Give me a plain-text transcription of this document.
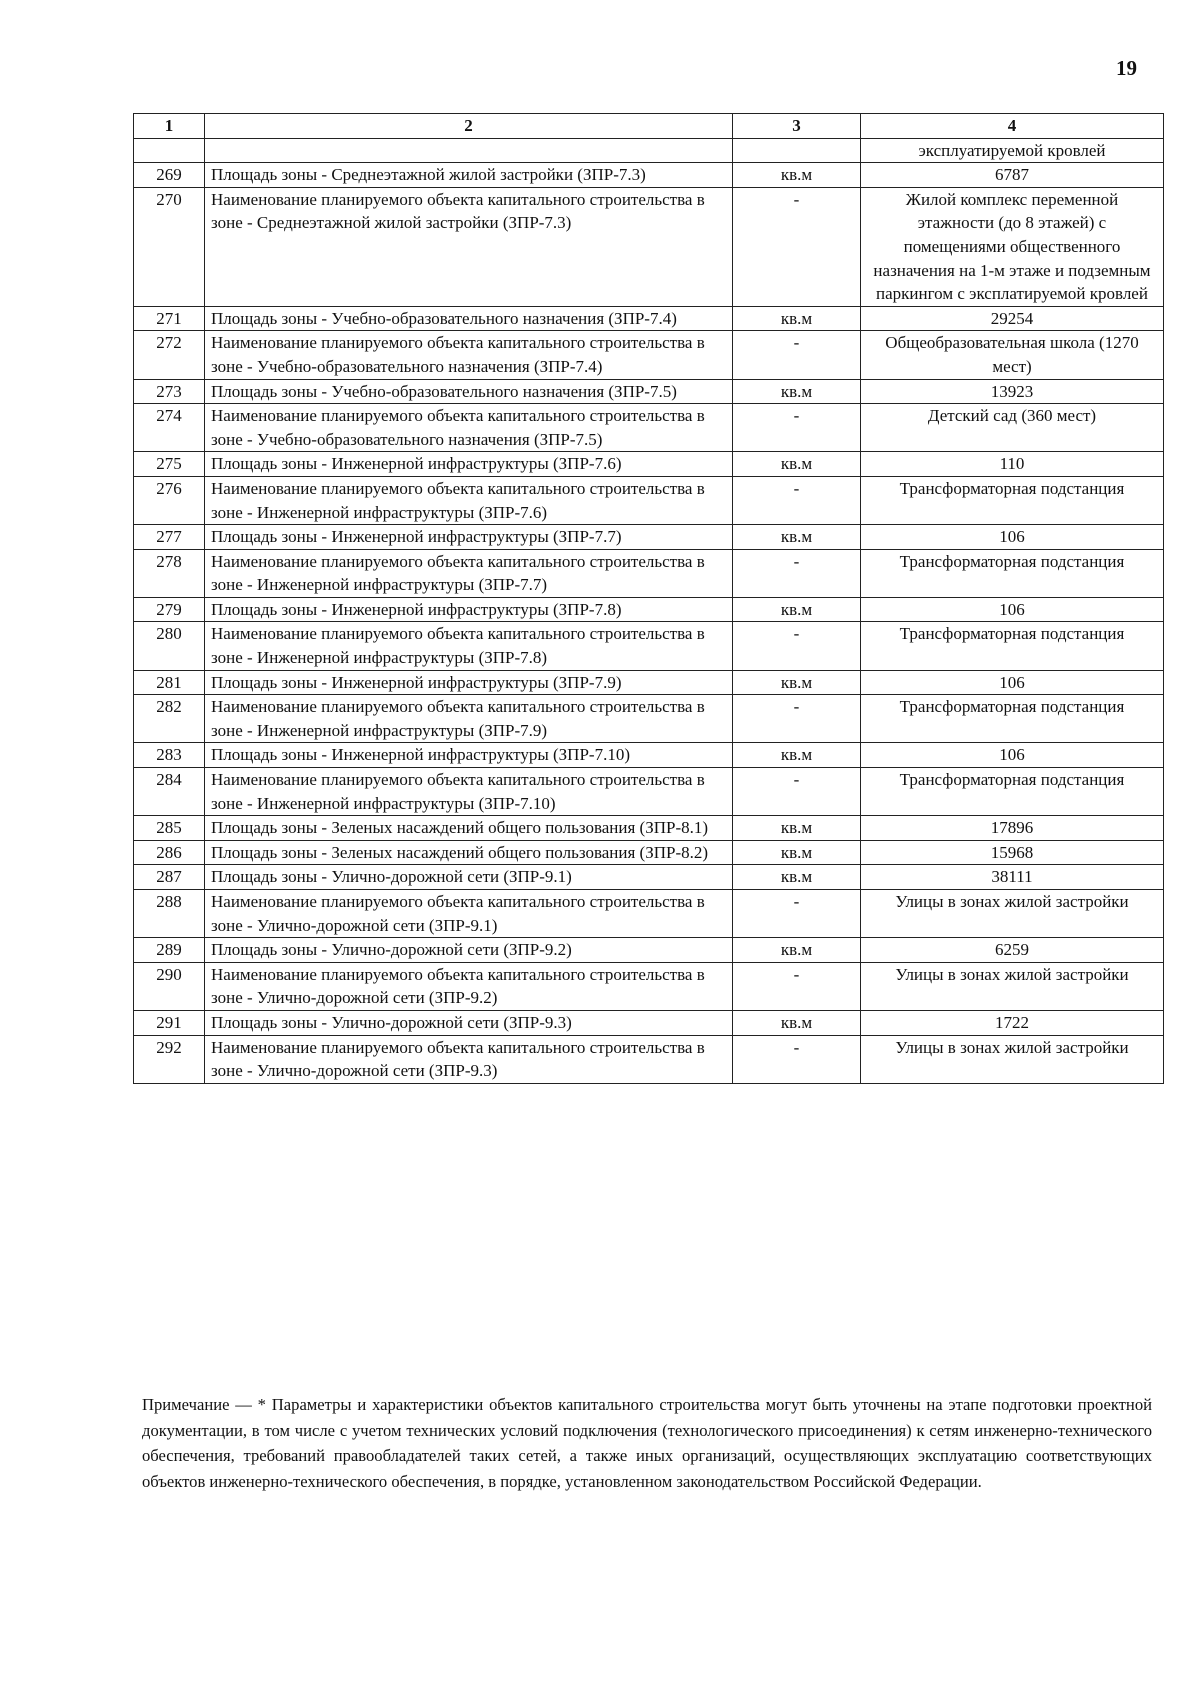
19
1	2	3	4
			эксплуатируемой кровлей
269	Площадь зоны - Среднеэтажной жилой застройки (ЗПР-7.3)	кв.м	6787
270	Наименование планируемого объекта капитального строительства в зоне - Среднеэтажной жилой застройки (ЗПР-7.3)	-	Жилой комплекс переменной этажности (до 8 этажей) с помещениями общественного назначения на 1-м этаже и подземным паркингом с эксплатируемой кровлей
271	Площадь зоны - Учебно-образовательного назначения (ЗПР-7.4)	кв.м	29254
272	Наименование планируемого объекта капитального строительства в зоне - Учебно-образовательного назначения (ЗПР-7.4)	-	Общеобразовательная школа (1270 мест)
273	Площадь зоны - Учебно-образовательного назначения (ЗПР-7.5)	кв.м	13923
274	Наименование планируемого объекта капитального строительства в зоне - Учебно-образовательного назначения (ЗПР-7.5)	-	Детский сад (360 мест)
275	Площадь зоны - Инженерной инфраструктуры (ЗПР-7.6)	кв.м	110
276	Наименование планируемого объекта капитального строительства в зоне - Инженерной инфраструктуры (ЗПР-7.6)	-	Трансформаторная подстанция
277	Площадь зоны - Инженерной инфраструктуры (ЗПР-7.7)	кв.м	106
278	Наименование планируемого объекта капитального строительства в зоне - Инженерной инфраструктуры (ЗПР-7.7)	-	Трансформаторная подстанция
279	Площадь зоны - Инженерной инфраструктуры (ЗПР-7.8)	кв.м	106
280	Наименование планируемого объекта капитального строительства в зоне - Инженерной инфраструктуры (ЗПР-7.8)	-	Трансформаторная подстанция
281	Площадь зоны - Инженерной инфраструктуры (ЗПР-7.9)	кв.м	106
282	Наименование планируемого объекта капитального строительства в зоне - Инженерной инфраструктуры (ЗПР-7.9)	-	Трансформаторная подстанция
283	Площадь зоны - Инженерной инфраструктуры (ЗПР-7.10)	кв.м	106
284	Наименование планируемого объекта капитального строительства в зоне - Инженерной инфраструктуры (ЗПР-7.10)	-	Трансформаторная подстанция
285	Площадь зоны - Зеленых насаждений общего пользования (ЗПР-8.1)	кв.м	17896
286	Площадь зоны - Зеленых насаждений общего пользования (ЗПР-8.2)	кв.м	15968
287	Площадь зоны - Улично-дорожной сети (ЗПР-9.1)	кв.м	38111
288	Наименование планируемого объекта капитального строительства в зоне - Улично-дорожной сети (ЗПР-9.1)	-	Улицы в зонах жилой застройки
289	Площадь зоны - Улично-дорожной сети (ЗПР-9.2)	кв.м	6259
290	Наименование планируемого объекта капитального строительства в зоне - Улично-дорожной сети (ЗПР-9.2)	-	Улицы в зонах жилой застройки
291	Площадь зоны - Улично-дорожной сети (ЗПР-9.3)	кв.м	1722
292	Наименование планируемого объекта капитального строительства в зоне - Улично-дорожной сети (ЗПР-9.3)	-	Улицы в зонах жилой застройки
Примечание — * Параметры и характеристики объектов капитального строительства могут быть уточнены на этапе подготовки проектной документации, в том числе с учетом технических условий подключения (технологического присоединения) к сетям инженерно-технического обеспечения, требований правообладателей таких сетей, а также иных организаций, осуществляющих эксплуатацию соответствующих объектов инженерно-технического обеспечения, в порядке, установленном законодательством Российской Федерации.
